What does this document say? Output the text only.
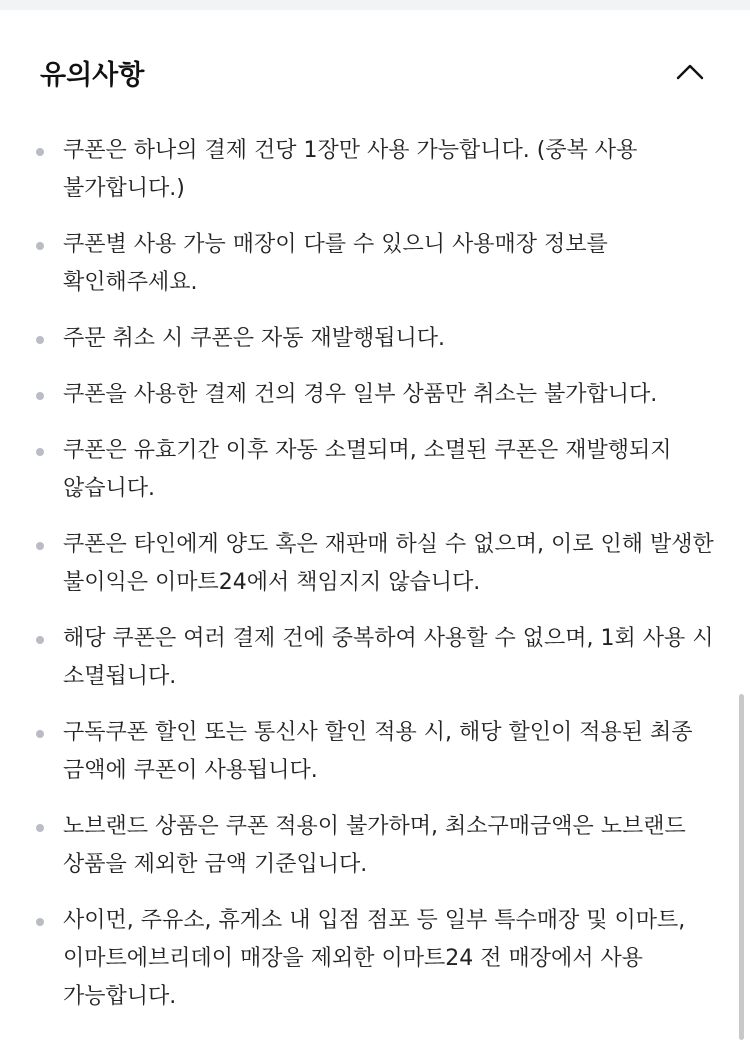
유의사항
쿠폰은 하나의 결제 건당 1장만 사용 가능합니다. (중복 사용 불가합니다.)
쿠폰별 사용 가능 매장이 다를 수 있으니 사용매장 정보를 확인해주세요.
주문 취소 시 쿠폰은 자동 재발행됩니다.
쿠폰을 사용한 결제 건의 경우 일부 상품만 취소는 불가합니다.
쿠폰은 유효기간 이후 자동 소멸되며, 소멸된 쿠폰은 재발행되지 않습니다.
쿠폰은 타인에게 양도 혹은 재판매 하실 수 없으며, 이로 인해 발생한 불이익은 이마트24에서 책임지지 않습니다.
해당 쿠폰은 여러 결제 건에 중복하여 사용할 수 없으며, 1회 사용 시 소멸됩니다.
구독쿠폰 할인 또는 통신사 할인 적용 시, 해당 할인이 적용된 최종 금액에 쿠폰이 사용됩니다.
노브랜드 상품은 쿠폰 적용이 불가하며, 최소구매금액은 노브랜드 상품을 제외한 금액 기준입니다.
사이먼, 주유소, 휴게소 내 입점 점포 등 일부 특수매장 및 이마트, 이마트에브리데이 매장을 제외한 이마트24 전 매장에서 사용 가능합니다.
